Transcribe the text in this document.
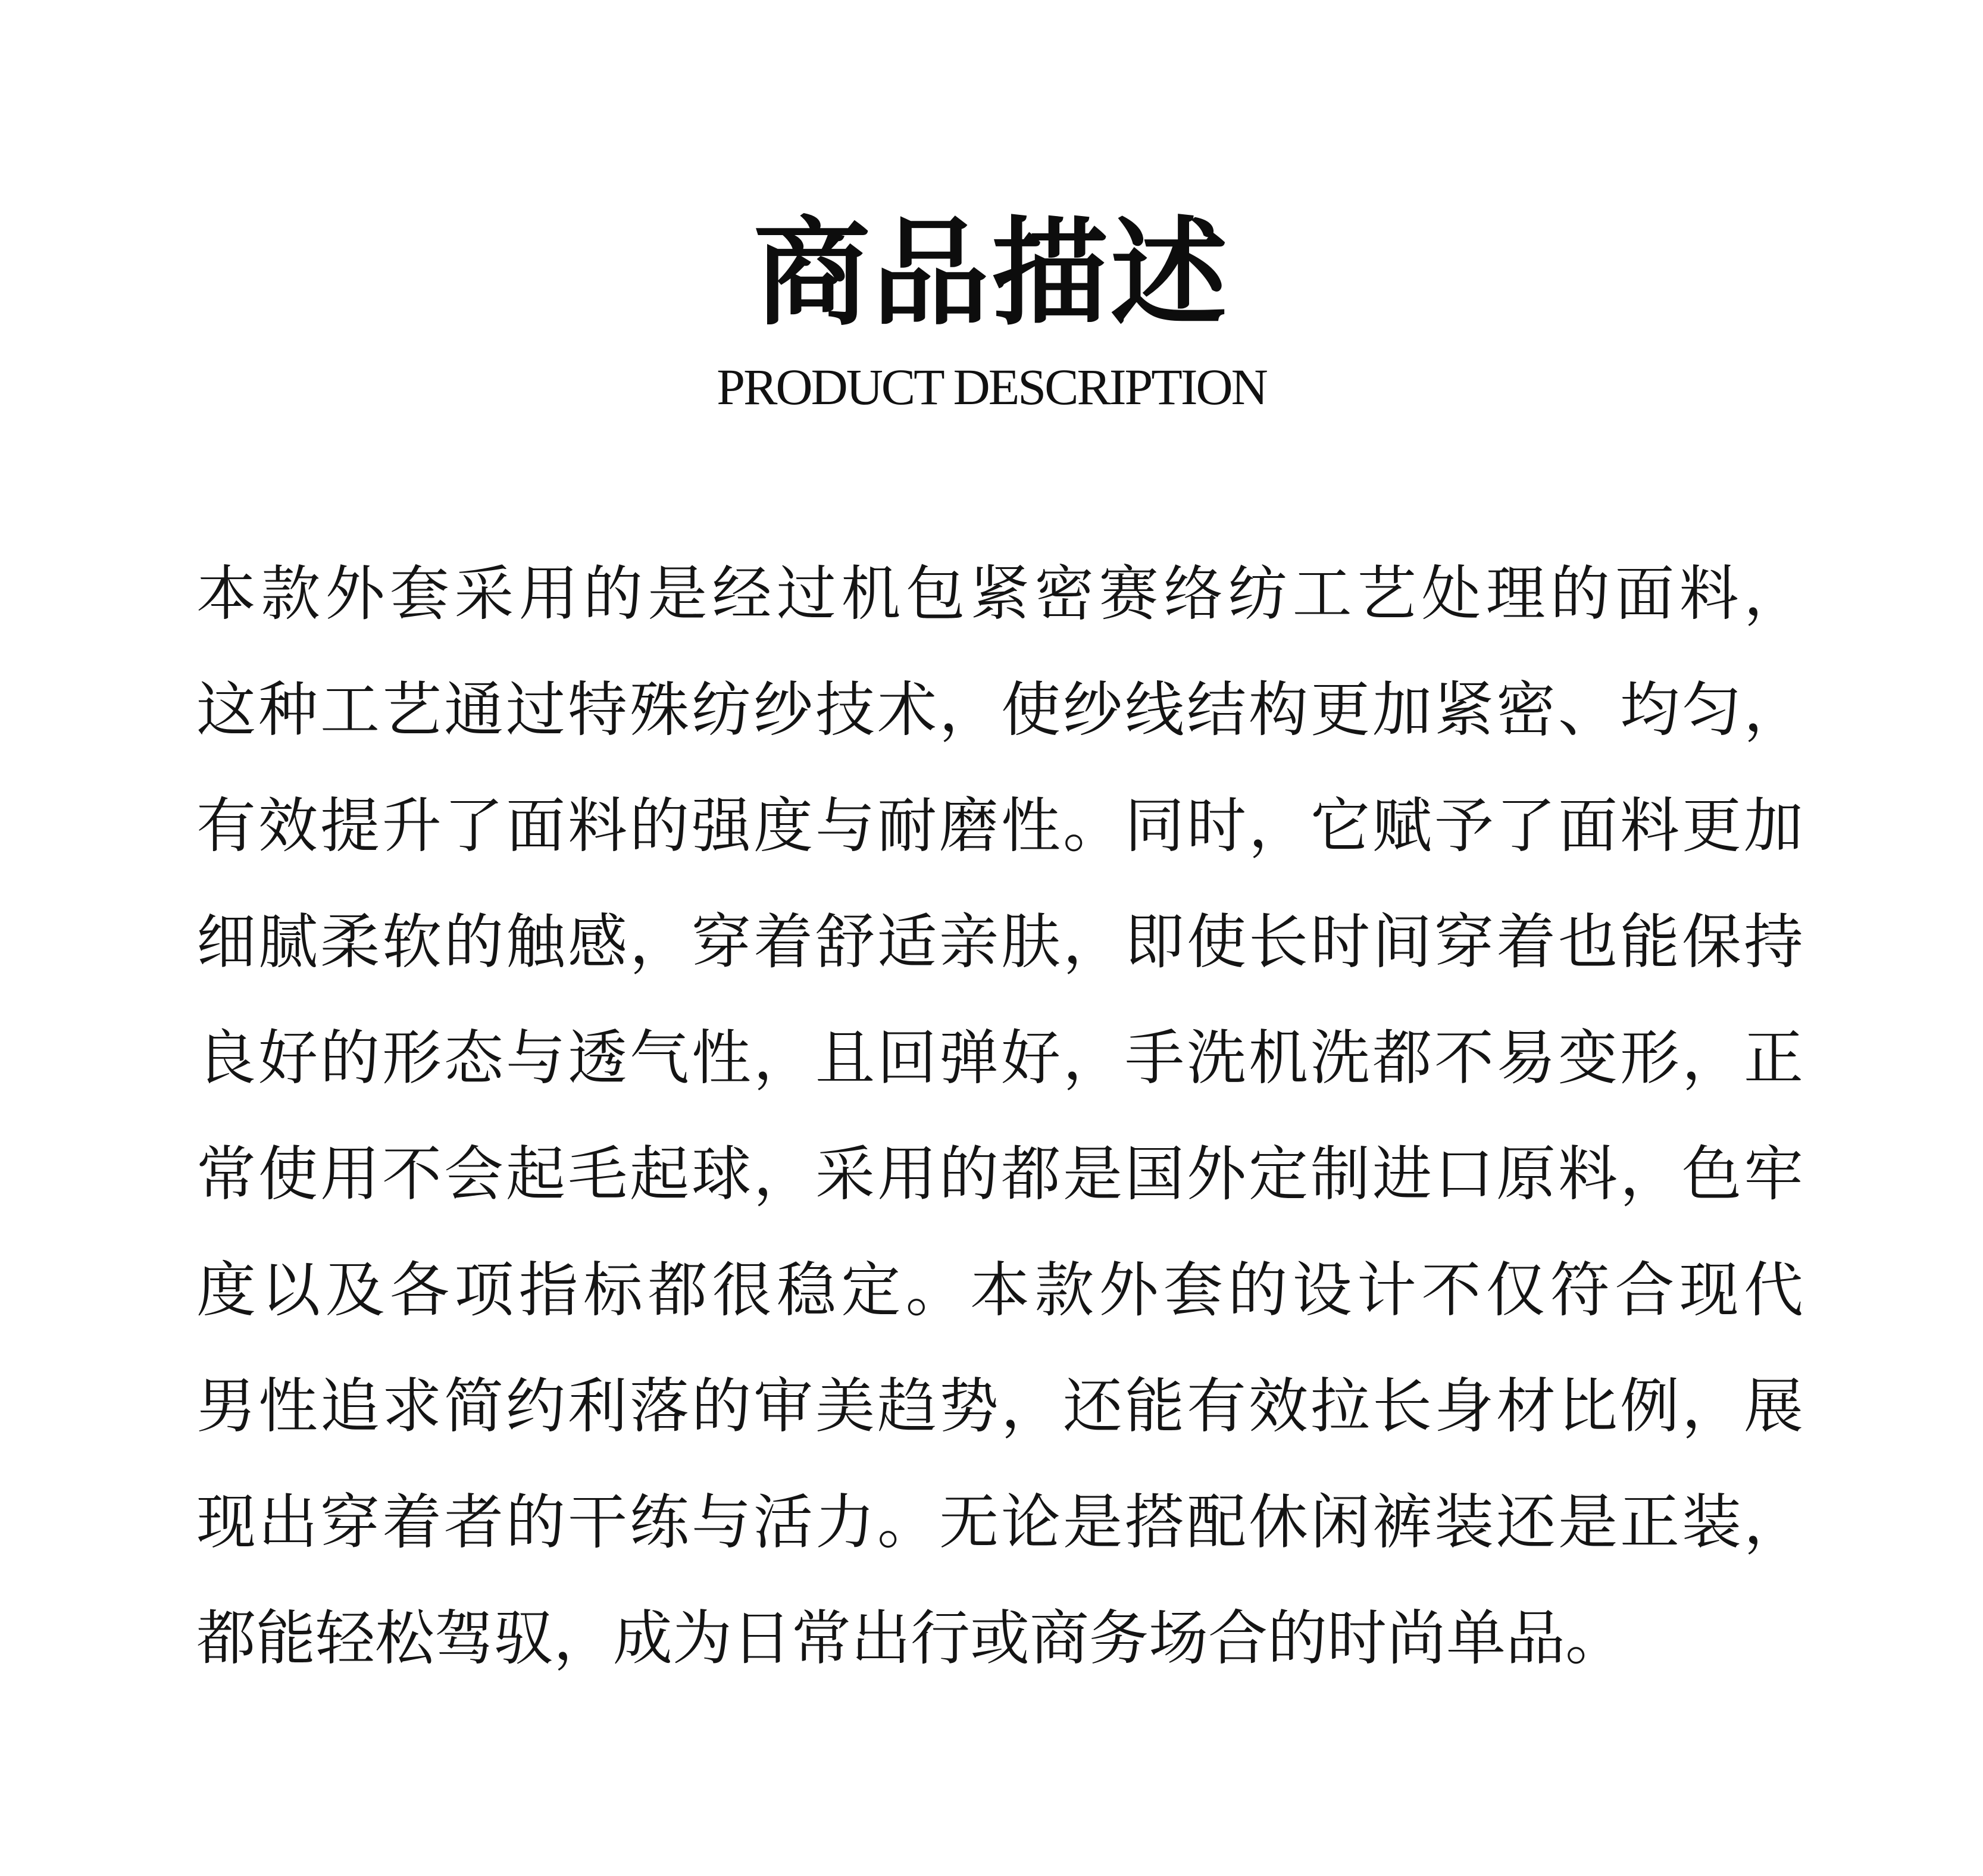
商品描述
PRODUCT DESCRIPTION
本款外套采用的是经过机包紧密赛络纺工艺处理的面料，
这种工艺通过特殊纺纱技术，使纱线结构更加紧密、均匀，
有效提升了面料的强度与耐磨性。同时，它赋予了面料更加
细腻柔软的触感，穿着舒适亲肤，即使长时间穿着也能保持
良好的形态与透气性，且回弹好，手洗机洗都不易变形，正
常使用不会起毛起球，采用的都是国外定制进口原料，色牢
度以及各项指标都很稳定。本款外套的设计不仅符合现代
男性追求简约利落的审美趋势，还能有效拉长身材比例，展
现出穿着者的干练与活力。无论是搭配休闲裤装还是正装，
都能轻松驾驭，成为日常出行或商务场合的时尚单品。
